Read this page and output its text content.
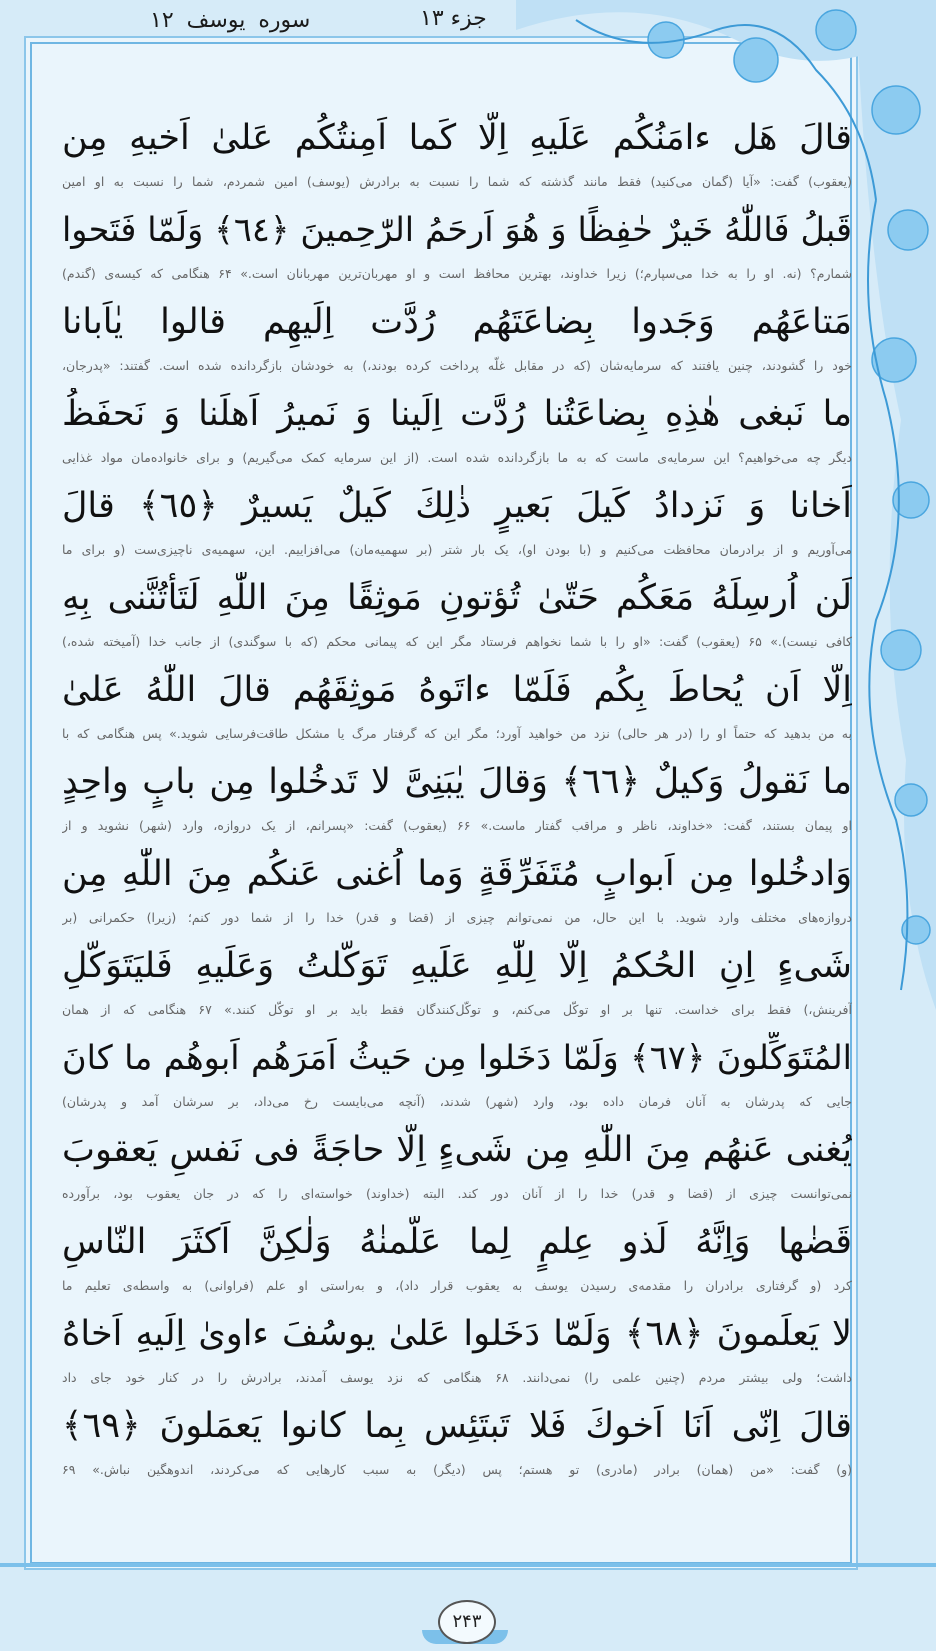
جزء ۱۳
سوره یوسف ۱۲
قالَ هَل ءامَنُكُم عَلَيهِ اِلّا كَما اَمِنتُكُم عَلىٰ اَخيهِ مِن
(یعقوب) گفت: «آیا (گمان می‌کنید) فقط مانند گذشته که شما را نسبت به برادرش (یوسف) امین شمردم، شما را نسبت به او امین
قَبلُ فَاللّٰهُ خَيرٌ حٰفِظًا وَ هُوَ اَرحَمُ الرّٰحِمينَ ﴿٦٤﴾ وَلَمّا فَتَحوا
شمارم؟ (نه. او را به خدا می‌سپارم؛) زیرا خداوند، بهترین محافظ است و او مهربان‌ترین مهربانان است.» ۶۴ هنگامی که کیسه‌ی (گندم)
مَتاعَهُم وَجَدوا بِضاعَتَهُم رُدَّت اِلَيهِم قالوا يٰاَبانا
خود را گشودند، چنین یافتند که سرمایه‌شان (که در مقابل غلّه پرداخت کرده بودند،) به خودشان بازگردانده شده است. گفتند: «پدرجان،
ما نَبغى هٰذِهِ بِضاعَتُنا رُدَّت اِلَينا وَ نَميرُ اَهلَنا وَ نَحفَظُ
دیگر چه می‌خواهیم؟ این سرمایه‌ی ماست که به ما بازگردانده شده است. (از این سرمایه کمک می‌گیریم) و برای خانواده‌مان مواد غذایی
اَخانا وَ نَزدادُ كَيلَ بَعيرٍ ذٰلِكَ كَيلٌ يَسيرٌ ﴿٦٥﴾ قالَ
می‌آوریم و از برادرمان محافظت می‌کنیم و (با بودن او)، یک بار شتر (بر سهمیه‌مان) می‌افزاییم. این، سهمیه‌ی ناچیزی‌ست (و برای ما
لَن اُرسِلَهُ مَعَكُم حَتّىٰ تُؤتونِ مَوثِقًا مِنَ اللّٰهِ لَتَأتُنَّنى بِهِ
کافی نیست).» ۶۵ (یعقوب) گفت: «او را با شما نخواهم فرستاد مگر این که پیمانی محکم (که با سوگندی) از جانب خدا (آمیخته شده،)
اِلّا اَن يُحاطَ بِكُم فَلَمّا ءاتَوهُ مَوثِقَهُم قالَ اللّٰهُ عَلىٰ
به من بدهید که حتماً او را (در هر حالی) نزد من خواهید آورد؛ مگر این که گرفتار مرگ یا مشکل طاقت‌فرسایی شوید.» پس هنگامی که با
ما نَقولُ وَكيلٌ ﴿٦٦﴾ وَقالَ يٰبَنِىَّ لا تَدخُلوا مِن بابٍ واحِدٍ
او پیمان بستند، گفت: «خداوند، ناظر و مراقب گفتار ماست.» ۶۶ (یعقوب) گفت: «پسرانم، از یک دروازه، وارد (شهر) نشوید و از
وَادخُلوا مِن اَبوابٍ مُتَفَرِّقَةٍ وَما اُغنى عَنكُم مِنَ اللّٰهِ مِن
دروازه‌های مختلف وارد شوید. با این حال، من نمی‌توانم چیزی از (قضا و قدر) خدا را از شما دور کنم؛ (زیرا) حکمرانی (بر
شَىءٍ اِنِ الحُكمُ اِلّا لِلّٰهِ عَلَيهِ تَوَكَّلتُ وَعَلَيهِ فَليَتَوَكَّلِ
آفرینش،) فقط برای خداست. تنها بر او توکّل می‌کنم، و توکّل‌کنندگان فقط باید بر او توکّل کنند.» ۶۷ هنگامی که از همان
المُتَوَكِّلونَ ﴿٦٧﴾ وَلَمّا دَخَلوا مِن حَيثُ اَمَرَهُم اَبوهُم ما كانَ
جایی که پدرشان به آنان فرمان داده بود، وارد (شهر) شدند، (آنچه می‌بایست رخ می‌داد، بر سرشان آمد و پدرشان)
يُغنى عَنهُم مِنَ اللّٰهِ مِن شَىءٍ اِلّا حاجَةً فى نَفسِ يَعقوبَ
نمی‌توانست چیزی از (قضا و قدر) خدا را از آنان دور کند. البته (خداوند) خواسته‌ای را که در جان یعقوب بود، برآورده
قَضٰها وَاِنَّهُ لَذو عِلمٍ لِما عَلَّمنٰهُ وَلٰكِنَّ اَكثَرَ النّاسِ
کرد (و گرفتاری برادران را مقدمه‌ی رسیدن یوسف به یعقوب قرار داد)، و به‌راستی او علم (فراوانی) به واسطه‌ی تعلیم ما
لا يَعلَمونَ ﴿٦٨﴾ وَلَمّا دَخَلوا عَلىٰ يوسُفَ ءاوىٰ اِلَيهِ اَخاهُ
داشت؛ ولی بیشتر مردم (چنین علمی را) نمی‌دانند. ۶۸ هنگامی که نزد یوسف آمدند، برادرش را در کنار خود جای داد
قالَ اِنّى اَنَا اَخوكَ فَلا تَبتَئِس بِما كانوا يَعمَلونَ ﴿٦٩﴾
(و) گفت: «من (همان) برادر (مادری) تو هستم؛ پس (دیگر) به سبب کارهایی که می‌کردند، اندوهگین نباش.» ۶۹
۲۴۳
